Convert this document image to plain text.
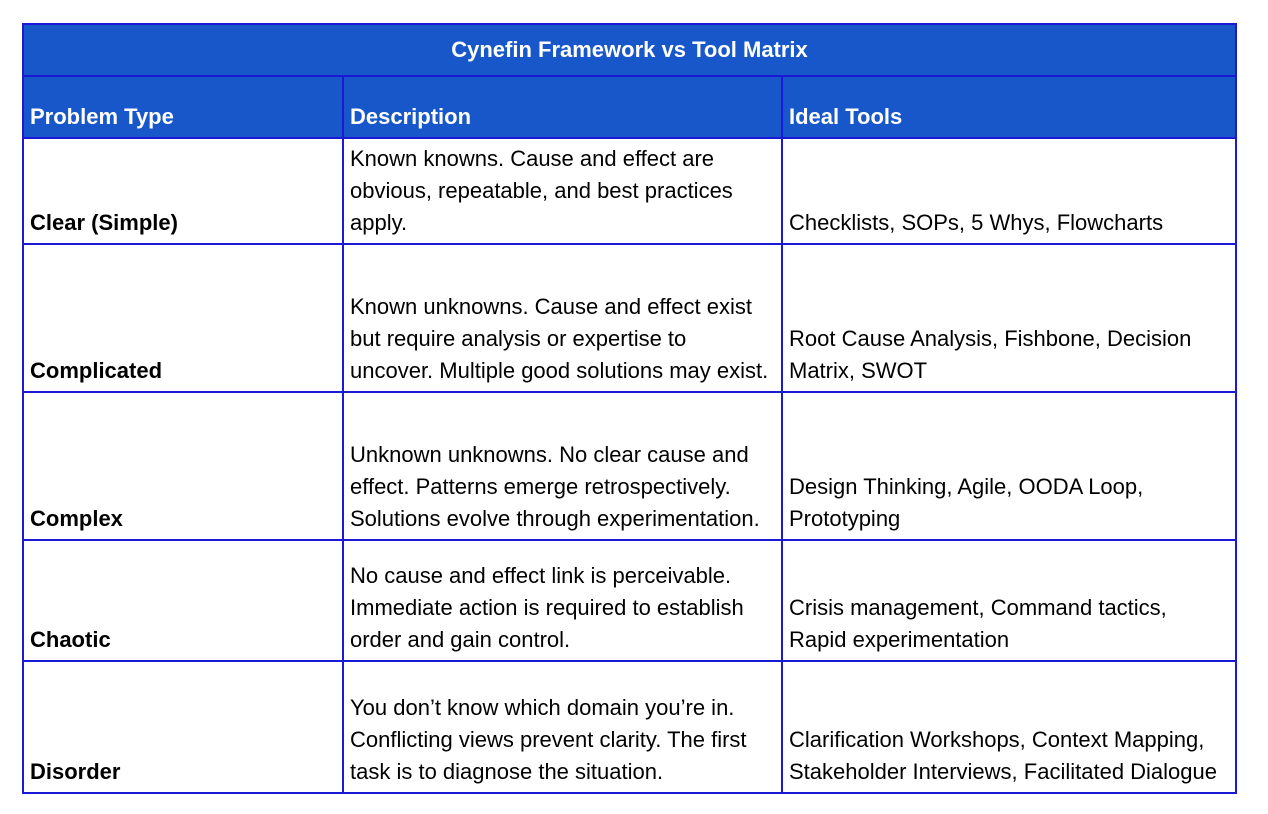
Cynefin Framework vs Tool Matrix		
Problem Type	Description	Ideal Tools
Clear (Simple)	Known knowns. Cause and effect are obvious, repeatable, and best practices apply.	Checklists, SOPs, 5 Whys, Flowcharts
Complicated	Known unknowns. Cause and effect exist but require analysis or expertise to uncover. Multiple good solutions may exist.	Root Cause Analysis, Fishbone, Decision Matrix, SWOT
Complex	Unknown unknowns. No clear cause and effect. Patterns emerge retrospectively. Solutions evolve through experimentation.	Design Thinking, Agile, OODA Loop, Prototyping
Chaotic	No cause and effect link is perceivable. Immediate action is required to establish order and gain control.	Crisis management, Command tactics, Rapid experimentation
Disorder	You don’t know which domain you’re in. Conflicting views prevent clarity. The first task is to diagnose the situation.	Clarification Workshops, Context Mapping, Stakeholder Interviews, Facilitated Dialogue
